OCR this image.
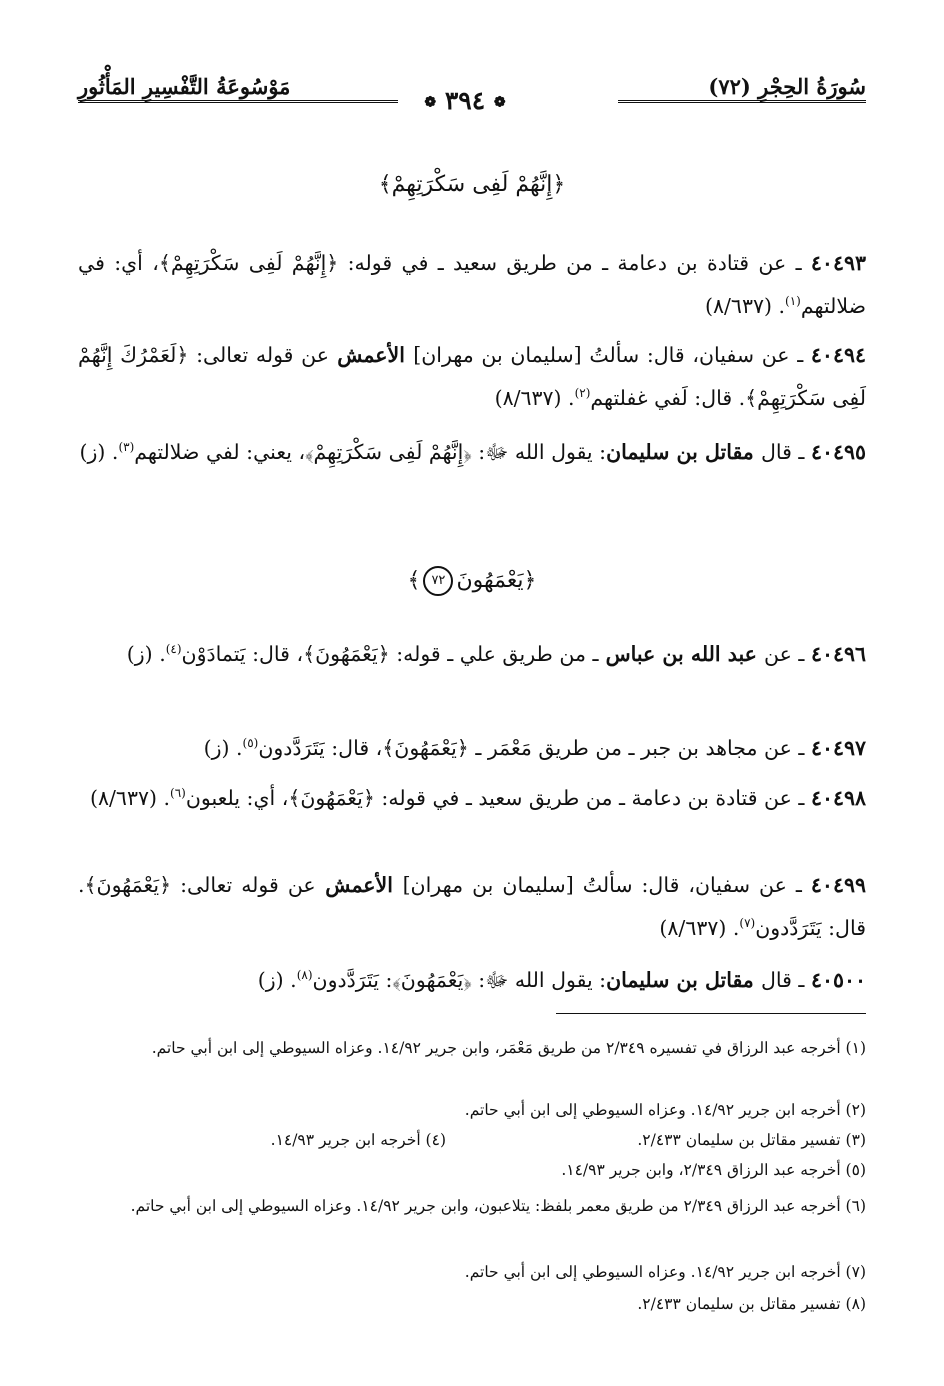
سُورَةُ الحِجْرِ (٧٢)
مَوْسُوعَةُ التَّفْسِيرِ المَأْثُورِ
❁ ٣٩٤ ❁
﴿إِنَّهُمْ لَفِى سَكْرَتِهِمْ﴾
٤٠٤٩٣ ـ عن قتادة بن دعامة ـ من طريق سعيد ـ في قوله: ﴿إِنَّهُمْ لَفِى سَكْرَتِهِمْ﴾، أي: في ضلالتهم$^{(١)}$. (٨/٦٣٧)
٤٠٤٩٤ ـ عن سفيان، قال: سألتُ [سليمان بن مهران] الأعمش عن قوله تعالى: ﴿لَعَمْرُكَ إِنَّهُمْ لَفِى سَكْرَتِهِمْ﴾. قال: لَفي غفلتهم$^{(٢)}$. (٨/٦٣٧)
٤٠٤٩٥ ـ قال مقاتل بن سليمان: يقول الله ﷻ: ﴿إِنَّهُمْ لَفِى سَكْرَتِهِمْ﴾، يعني: لفي ضلالتهم$^{(٣)}$. (ز)
﴿يَعْمَهُونَ٧٢﴾
٤٠٤٩٦ ـ عن عبد الله بن عباس ـ من طريق علي ـ قوله: ﴿يَعْمَهُونَ﴾، قال: يَتمادَوْن$^{(٤)}$. (ز)
٤٠٤٩٧ ـ عن مجاهد بن جبر ـ من طريق مَعْمَر ـ ﴿يَعْمَهُونَ﴾، قال: يَتَرَدَّدون$^{(٥)}$. (ز)
٤٠٤٩٨ ـ عن قتادة بن دعامة ـ من طريق سعيد ـ في قوله: ﴿يَعْمَهُونَ﴾، أي: يلعبون$^{(٦)}$. (٨/٦٣٧)
٤٠٤٩٩ ـ عن سفيان، قال: سألتُ [سليمان بن مهران] الأعمش عن قوله تعالى: ﴿يَعْمَهُونَ﴾. قال: يَتَرَدَّدون$^{(٧)}$. (٨/٦٣٧)
٤٠٥٠٠ ـ قال مقاتل بن سليمان: يقول الله ﷻ: ﴿يَعْمَهُونَ﴾: يَتَرَدَّدون$^{(٨)}$. (ز)
(١) أخرجه عبد الرزاق في تفسيره ٢/٣٤٩ من طريق مَعْمَر، وابن جرير ١٤/٩٢. وعزاه السيوطي إلى ابن أبي حاتم.
(٢) أخرجه ابن جرير ١٤/٩٢. وعزاه السيوطي إلى ابن أبي حاتم.
(٣) تفسير مقاتل بن سليمان ٢/٤٣٣.
(٤) أخرجه ابن جرير ١٤/٩٣.
(٥) أخرجه عبد الرزاق ٢/٣٤٩، وابن جرير ١٤/٩٣.
(٦) أخرجه عبد الرزاق ٢/٣٤٩ من طريق معمر بلفظ: يتلاعبون، وابن جرير ١٤/٩٢. وعزاه السيوطي إلى ابن أبي حاتم.
(٧) أخرجه ابن جرير ١٤/٩٢. وعزاه السيوطي إلى ابن أبي حاتم.
(٨) تفسير مقاتل بن سليمان ٢/٤٣٣.
